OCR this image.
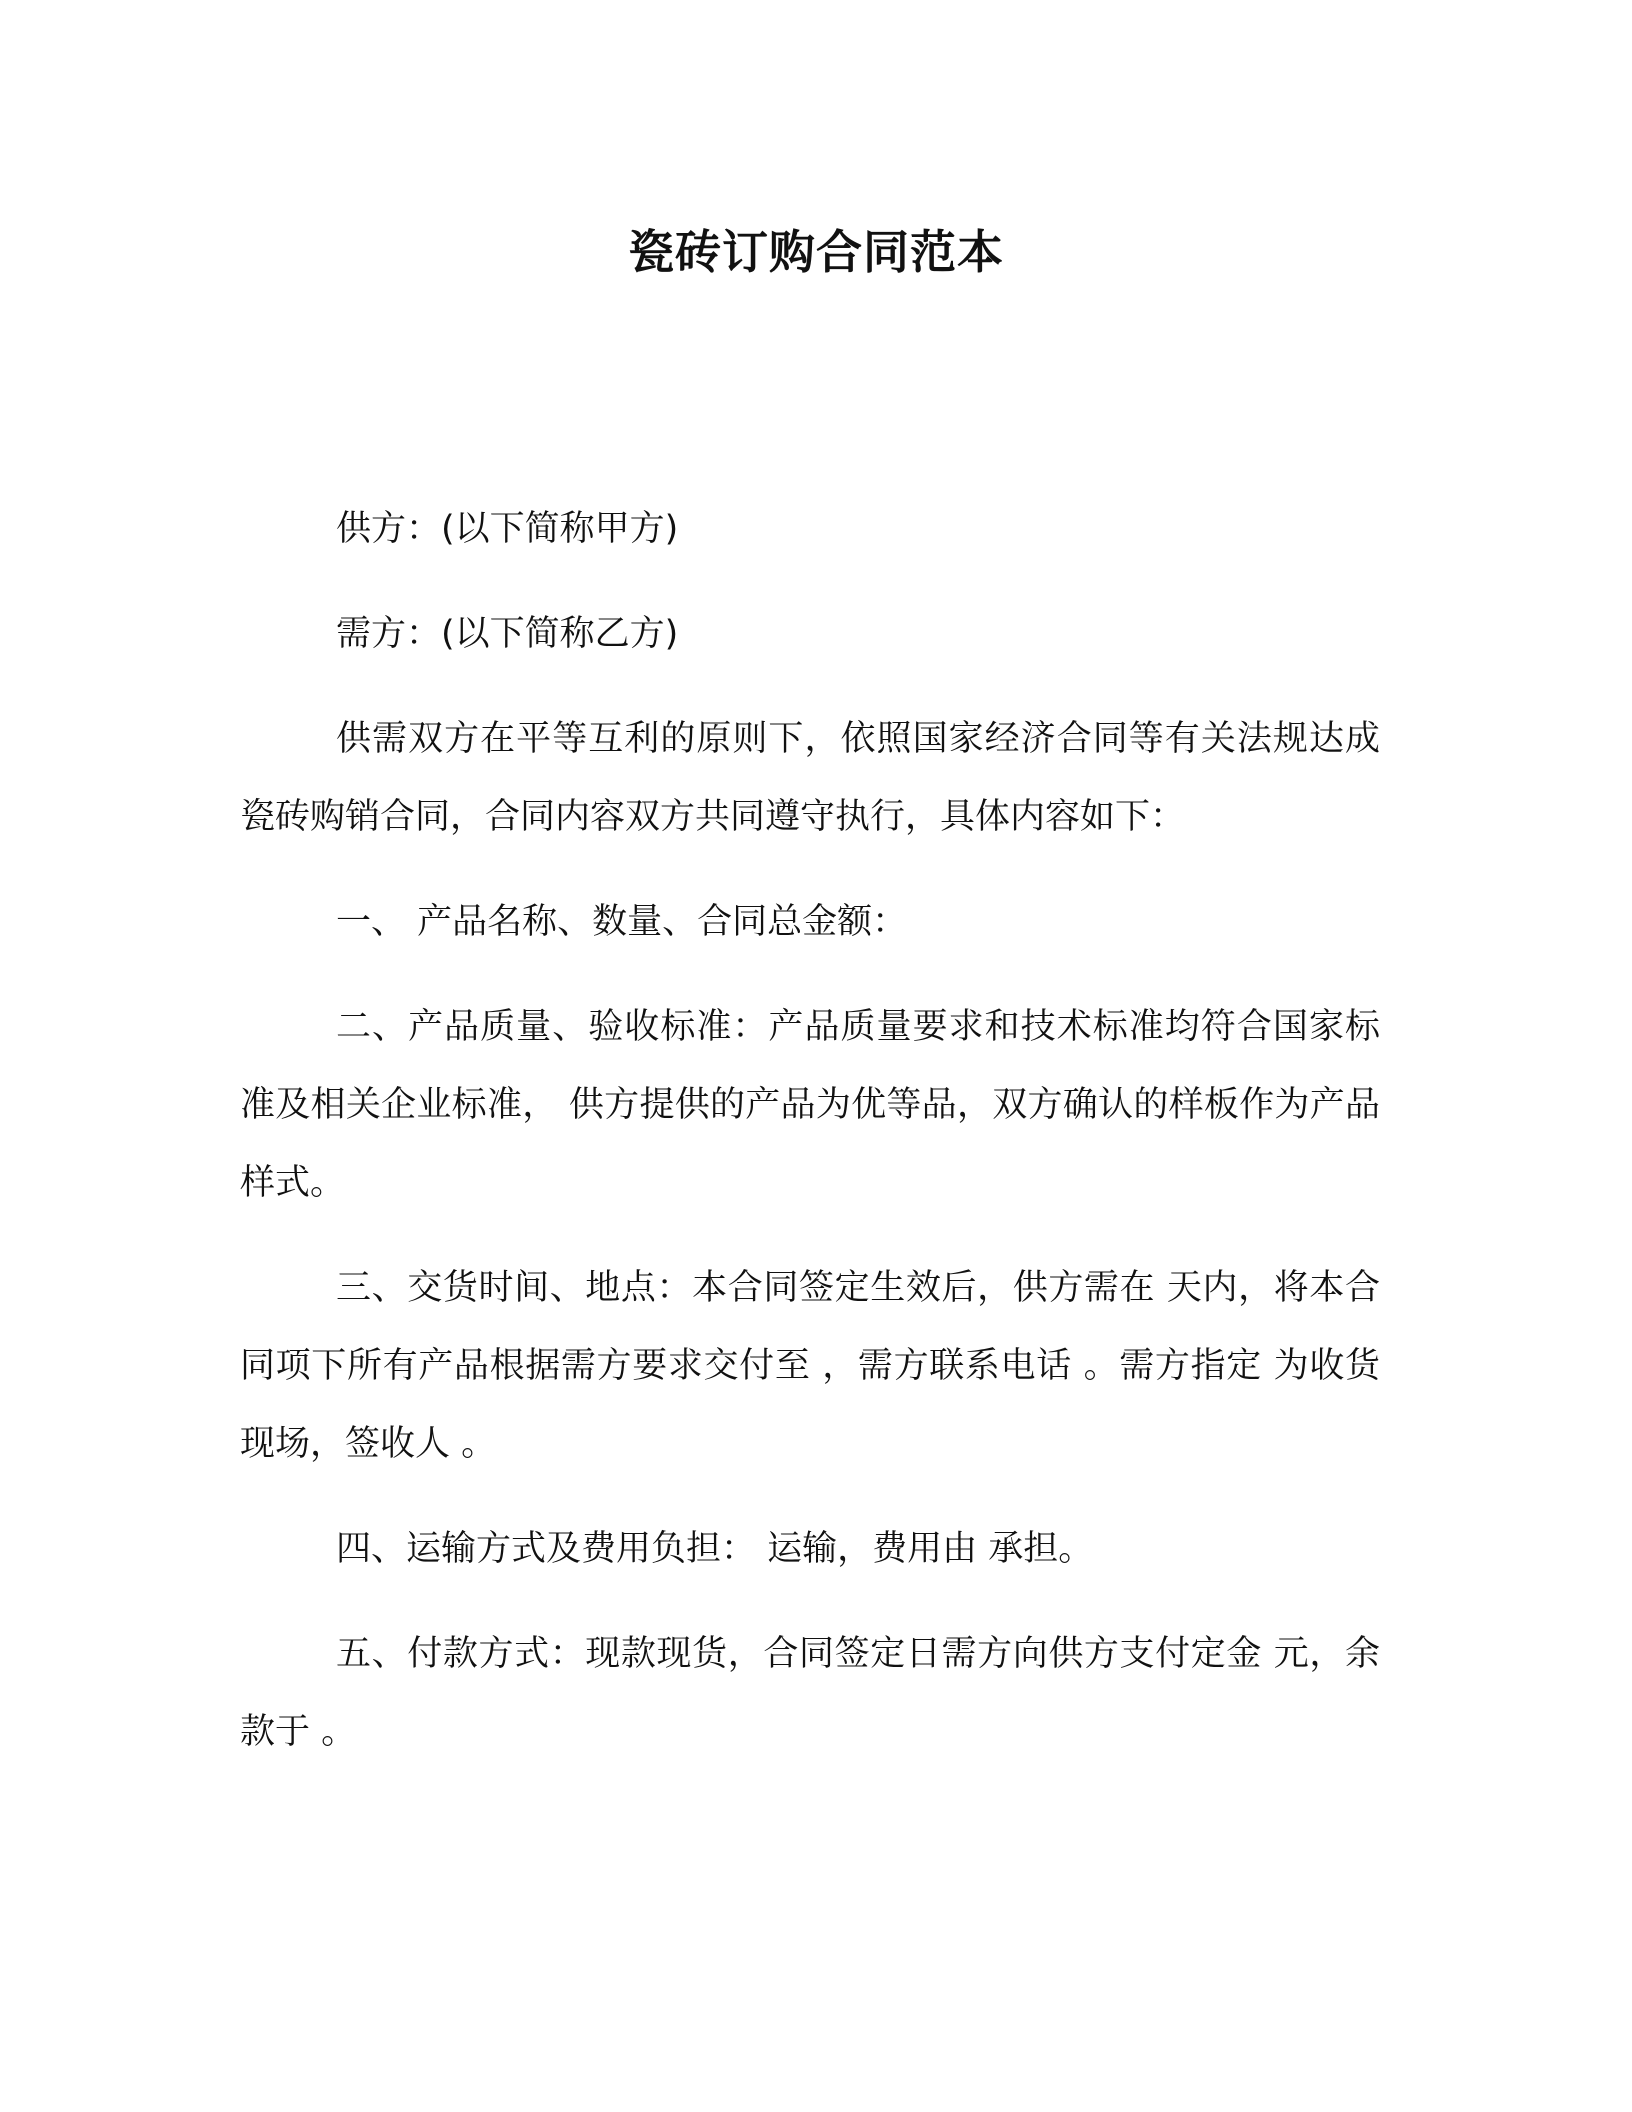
瓷砖订购合同范本

供方：(以下简称甲方)

需方：(以下简称乙方)

供需双方在平等互利的原则下，依照国家经济合同等有关法规达成瓷砖购销合同，合同内容双方共同遵守执行，具体内容如下：

一、 产品名称、数量、合同总金额：

二、产品质量、验收标准：产品质量要求和技术标准均符合国家标准及相关企业标准， 供方提供的产品为优等品，双方确认的样板作为产品样式。

三、交货时间、地点：本合同签定生效后，供方需在 天内，将本合同项下所有产品根据需方要求交付至 ，需方联系电话 。需方指定 为收货现场，签收人 。

四、运输方式及费用负担： 运输，费用由 承担。

五、付款方式：现款现货，合同签定日需方向供方支付定金 元，余款于 。
